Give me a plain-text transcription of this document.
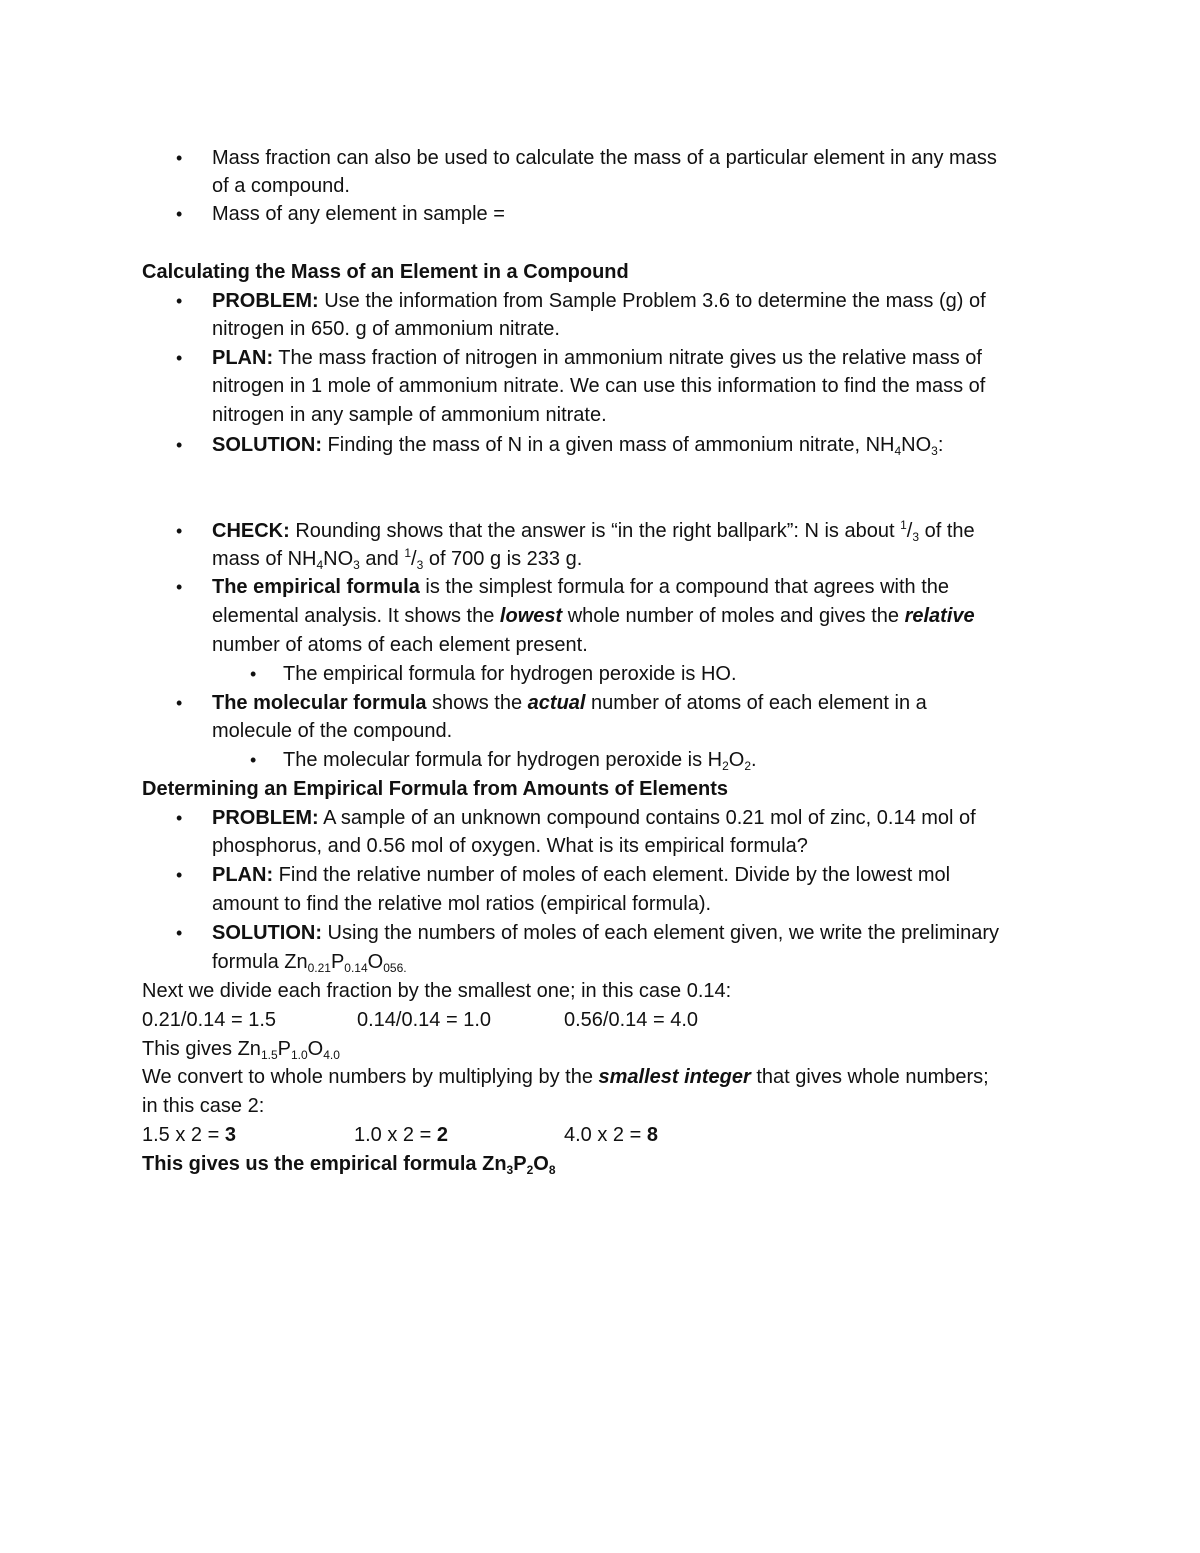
• Mass fraction can also be used to calculate the mass of a particular element in any mass
of a compound.
• Mass of any element in sample =
Calculating the Mass of an Element in a Compound
• PROBLEM: Use the information from Sample Problem 3.6 to determine the mass (g) of
nitrogen in 650. g of ammonium nitrate.
• PLAN: The mass fraction of nitrogen in ammonium nitrate gives us the relative mass of
nitrogen in 1 mole of ammonium nitrate. We can use this information to find the mass of
nitrogen in any sample of ammonium nitrate.
• SOLUTION: Finding the mass of N in a given mass of ammonium nitrate, $NH_4NO_3$:
• CHECK: Rounding shows that the answer is “in the right ballpark”: N is about $^1/_3$ of the
mass of $NH_4NO_3$ and $^1/_3$ of 700 g is 233 g.
• The empirical formula is the simplest formula for a compound that agrees with the
elemental analysis. It shows the lowest whole number of moles and gives the relative
number of atoms of each element present.
• The empirical formula for hydrogen peroxide is HO.
• The molecular formula shows the actual number of atoms of each element in a
molecule of the compound.
• The molecular formula for hydrogen peroxide is $H_2O_2$.
Determining an Empirical Formula from Amounts of Elements
• PROBLEM: A sample of an unknown compound contains 0.21 mol of zinc, 0.14 mol of
phosphorus, and 0.56 mol of oxygen. What is its empirical formula?
• PLAN: Find the relative number of moles of each element. Divide by the lowest mol
amount to find the relative mol ratios (empirical formula).
• SOLUTION: Using the numbers of moles of each element given, we write the preliminary
formula $Zn_{0.21}P_{0.14}O_{056.}$
Next we divide each fraction by the smallest one; in this case 0.14:
0.21/0.14 = 1.5	0.14/0.14 = 1.0	0.56/0.14 = 4.0
This gives $Zn_{1.5}P_{1.0}O_{4.0}$
We convert to whole numbers by multiplying by the smallest integer that gives whole numbers;
in this case 2:
1.5 x 2 = 3	1.0 x 2 = 2	4.0 x 2 = 8
This gives us the empirical formula $Zn_3P_2O_8$
